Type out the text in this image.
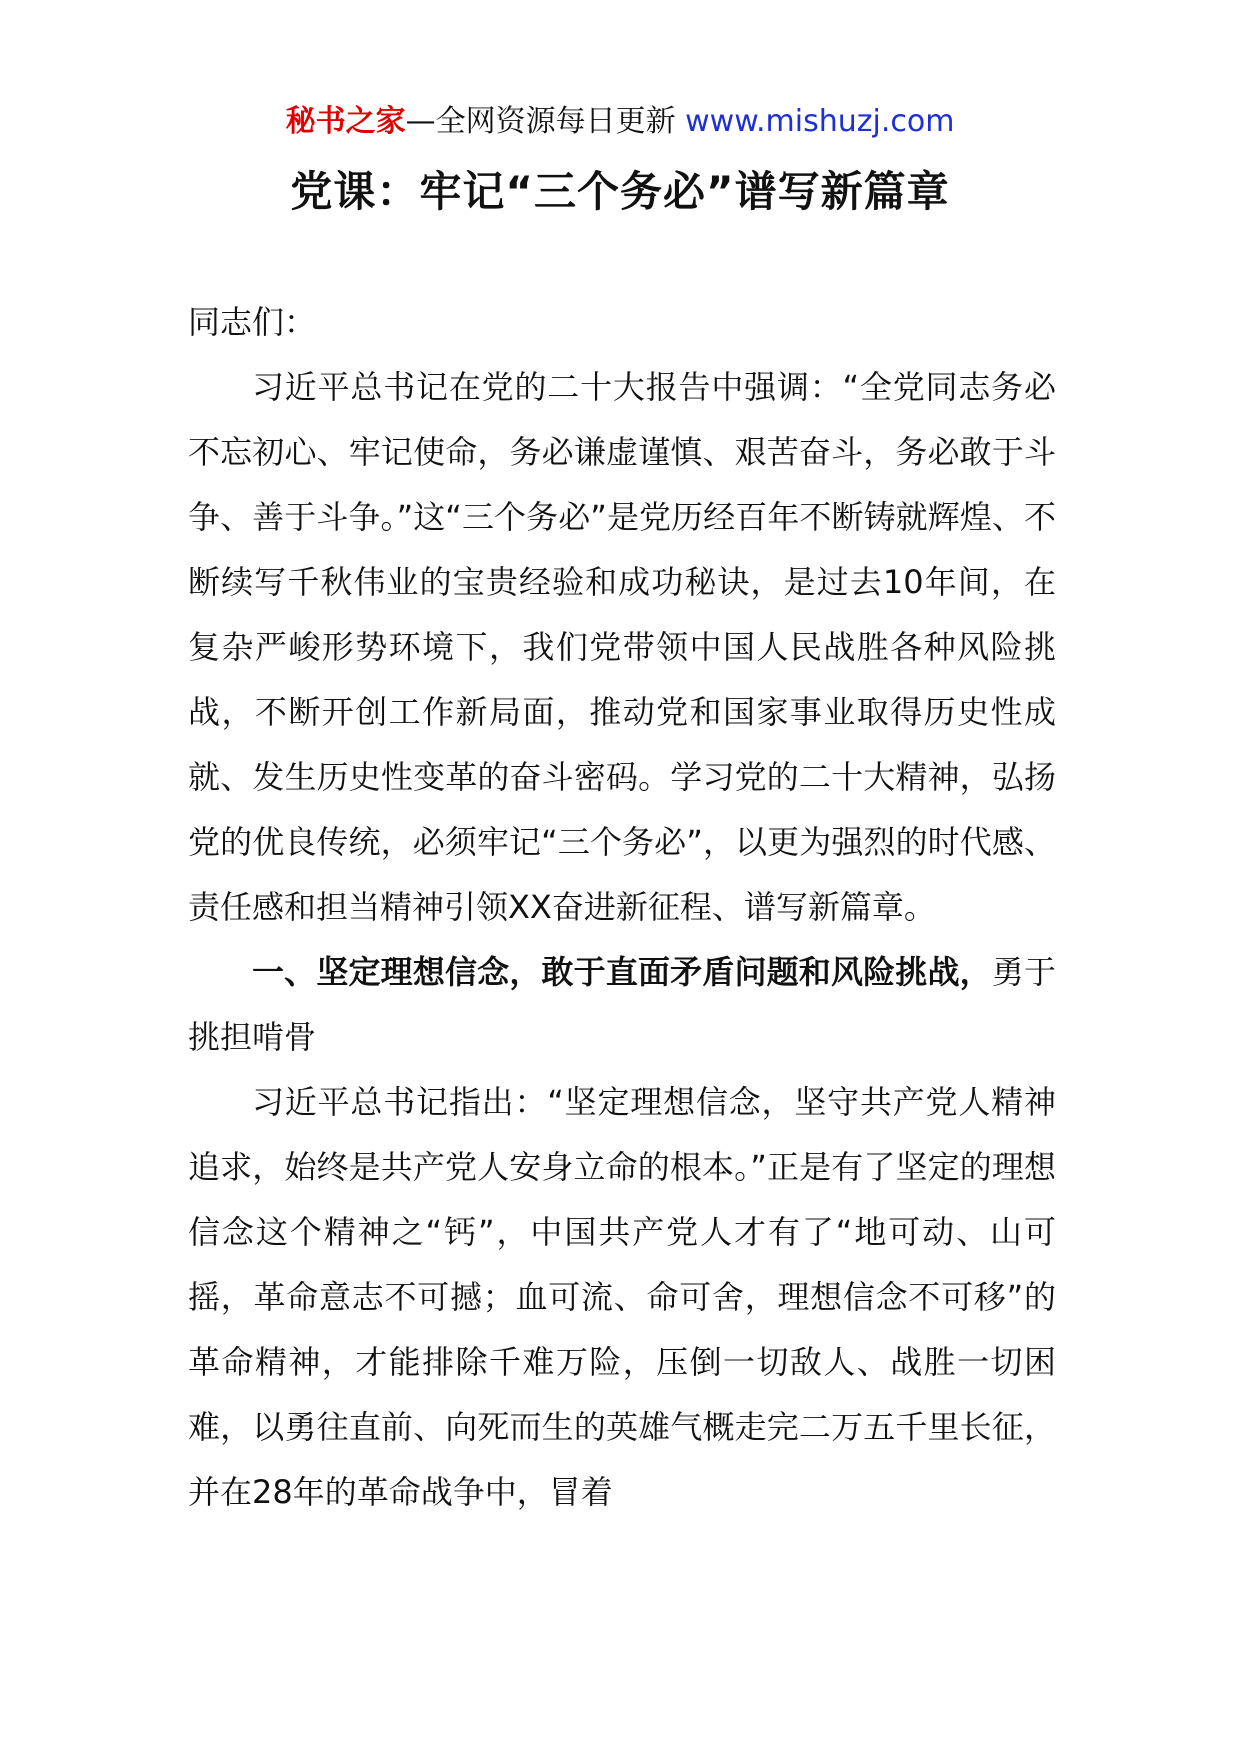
秘书之家—全网资源每日更新 www.mishuzj.com
党课：牢记“三个务必”谱写新篇章

同志们：

习近平总书记在党的二十大报告中强调：“全党同志务必不忘初心、牢记使命，务必谦虚谨慎、艰苦奋斗，务必敢于斗争、善于斗争。”这“三个务必”是党历经百年不断铸就辉煌、不断续写千秋伟业的宝贵经验和成功秘诀，是过去10年间，在复杂严峻形势环境下，我们党带领中国人民战胜各种风险挑战，不断开创工作新局面，推动党和国家事业取得历史性成就、发生历史性变革的奋斗密码。学习党的二十大精神，弘扬党的优良传统，必须牢记“三个务必”，以更为强烈的时代感、责任感和担当精神引领XX奋进新征程、谱写新篇章。

一、坚定理想信念，敢于直面矛盾问题和风险挑战，勇于挑担啃骨

习近平总书记指出：“坚定理想信念，坚守共产党人精神追求，始终是共产党人安身立命的根本。”正是有了坚定的理想信念这个精神之“钙”，中国共产党人才有了“地可动、山可摇，革命意志不可撼；血可流、命可舍，理想信念不可移”的革命精神，才能排除千难万险，压倒一切敌人、战胜一切困难，以勇往直前、向死而生的英雄气概走完二万五千里长征，并在28年的革命战争中，冒着
